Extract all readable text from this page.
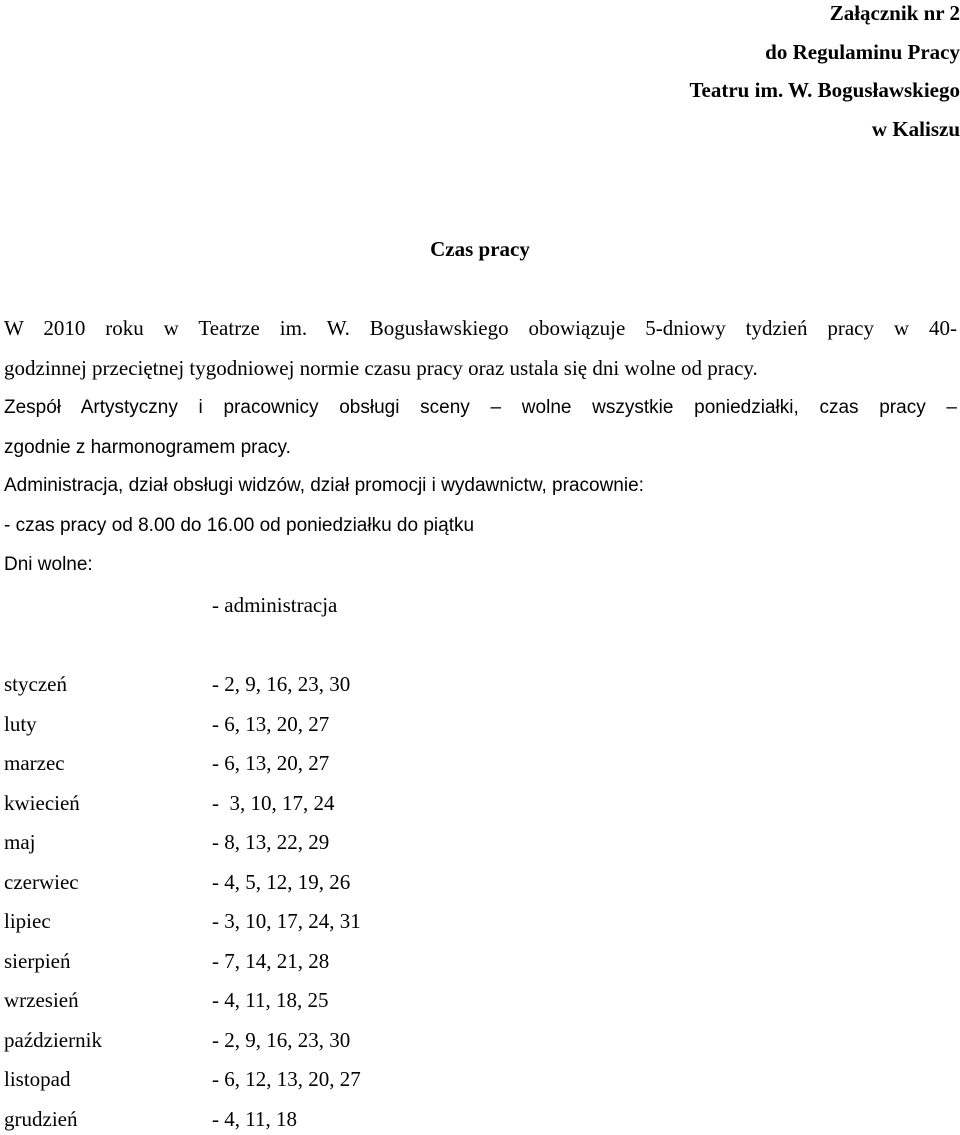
Załącznik nr 2
do Regulaminu Pracy
Teatru im. W. Bogusławskiego
w Kaliszu
Czas pracy
W 2010 roku w Teatrze im. W. Bogusławskiego obowiązuje 5-dniowy tydzień pracy w 40-
godzinnej przeciętnej tygodniowej normie czasu pracy oraz ustala się dni wolne od pracy.
Zespół Artystyczny i pracownicy obsługi sceny – wolne wszystkie poniedziałki, czas pracy –
zgodnie z harmonogramem pracy.
Administracja, dział obsługi widzów, dział promocji i wydawnictw, pracownie:
- czas pracy od 8.00 do 16.00 od poniedziałku do piątku
Dni wolne:
- administracja
styczeń	- 2, 9, 16, 23, 30
luty	- 6, 13, 20, 27
marzec	- 6, 13, 20, 27
kwiecień	-  3, 10, 17, 24
maj	- 8, 13, 22, 29
czerwiec	- 4, 5, 12, 19, 26
lipiec	- 3, 10, 17, 24, 31
sierpień	- 7, 14, 21, 28
wrzesień	- 4, 11, 18, 25
październik	- 2, 9, 16, 23, 30
listopad	- 6, 12, 13, 20, 27
grudzień	- 4, 11, 18
